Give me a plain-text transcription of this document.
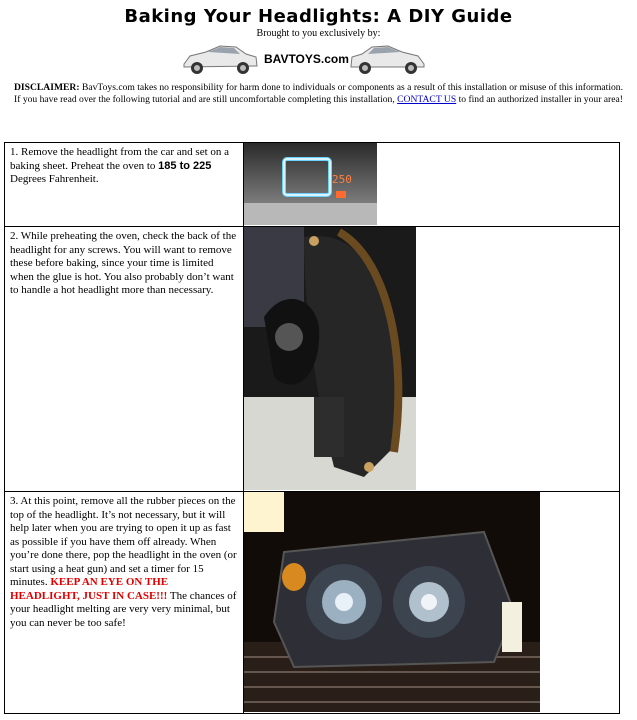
Baking Your Headlights: A DIY Guide
Brought to you exclusively by:
BAVTOYS.com
DISCLAIMER: BavToys.com takes no responsibility for harm done to individuals or components as a result of this installation or misuse of this information. If you have read over the following tutorial and are still uncomfortable completing this installation, CONTACT US to find an authorized installer in your area!
1. Remove the headlight from the car and set on a baking sheet. Preheat the oven to 185 to 225 Degrees Fahrenheit.	250

2. While preheating the oven, check the back of the headlight for any screws. You will want to remove these before baking, since your time is limited when the glue is hot. You also probably don’t want to handle a hot headlight more than necessary.	

3. At this point, remove all the rubber pieces on the top of the headlight. It’s not necessary, but it will help later when you are trying to open it up as fast as possible if you have them off already. When you’re done there, pop the headlight in the oven (or start using a heat gun) and set a timer for 15 minutes. KEEP AN EYE ON THE HEADLIGHT, JUST IN CASE!!! The chances of your headlight melting are very very minimal, but you can never be too safe!	
